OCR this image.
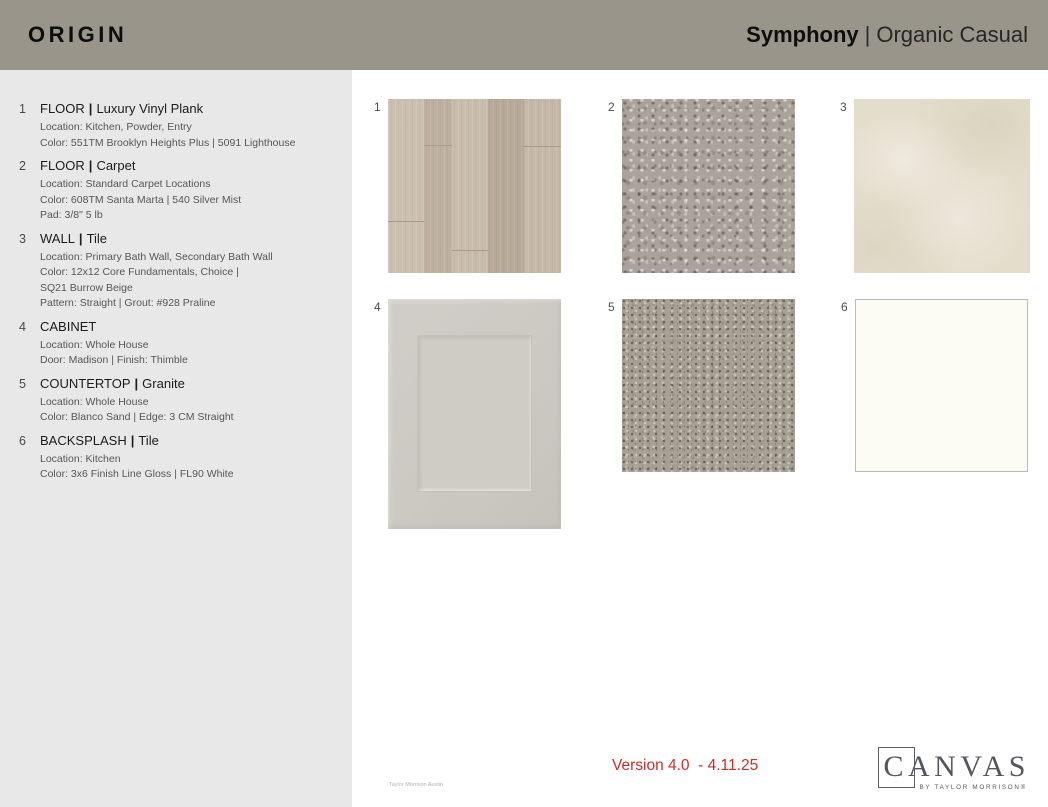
ORIGIN	Symphony | Organic Casual
1	FLOOR | Luxury Vinyl Plank
Location: Kitchen, Powder, Entry
Color: 551TM Brooklyn Heights Plus | 5091 Lighthouse
2	FLOOR | Carpet
Location: Standard Carpet Locations
Color: 608TM Santa Marta | 540 Silver Mist
Pad: 3/8" 5 lb
3	WALL | Tile
Location: Primary Bath Wall, Secondary Bath Wall
Color: 12x12 Core Fundamentals, Choice |
SQ21 Burrow Beige
Pattern: Straight | Grout: #928 Praline
4	CABINET
Location: Whole House
Door: Madison | Finish: Thimble
5	COUNTERTOP | Granite
Location: Whole House
Color: Blanco Sand | Edge: 3 CM Straight
6	BACKSPLASH | Tile
Location: Kitchen
Color: 3x6 Finish Line Gloss | FL90 White
1	2	3
4	5	6
Version 4.0  - 4.11.25
Taylor Morrison Austin
CANVAS
BY TAYLOR MORRISON®
